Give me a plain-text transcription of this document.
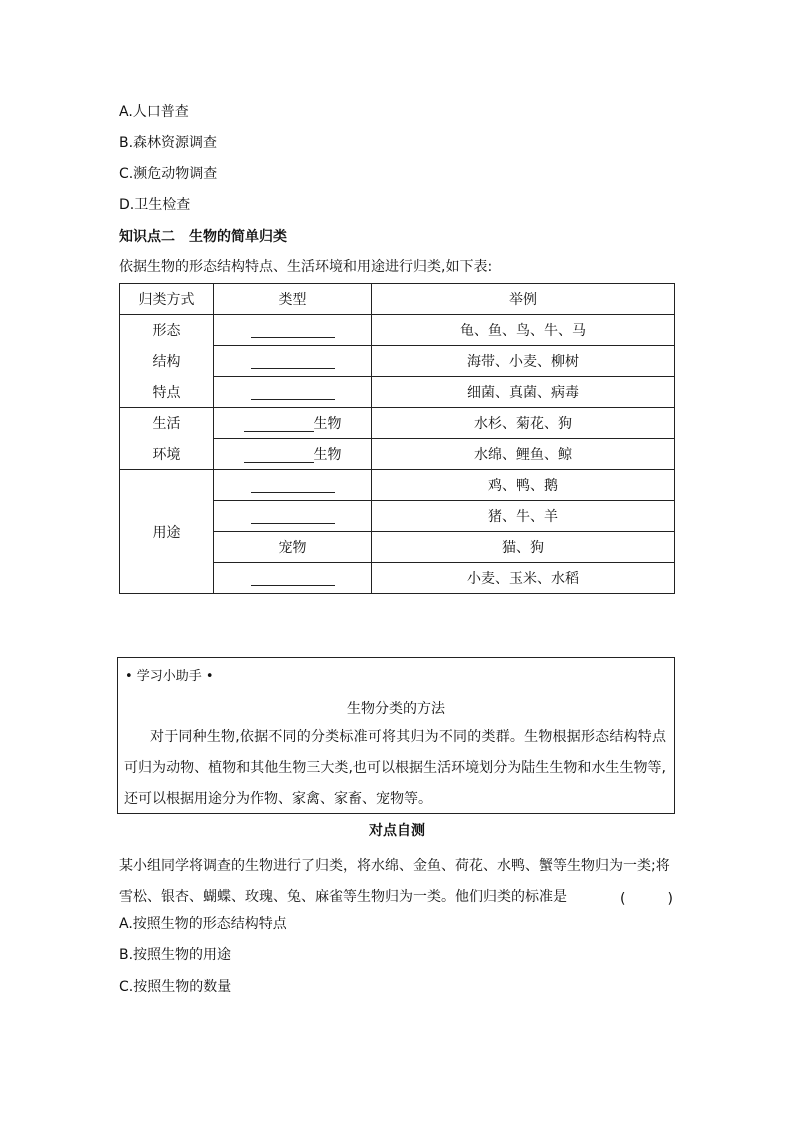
A.人口普查
B.森林资源调查
C.濒危动物调查
D.卫生检查
知识点二　生物的简单归类
依据生物的形态结构特点、生活环境和用途进行归类,如下表:
归类方式	类型	举例
形态		龟、鱼、鸟、牛、马
结构		海带、小麦、柳树
特点		细菌、真菌、病毒
生活	生物	水杉、菊花、狗
环境	生物	水绵、鲤鱼、鲸
用途		鸡、鸭、鹅
		猪、牛、羊
	宠物	猫、狗
		小麦、玉米、水稻
• 学习小助手 •
生物分类的方法
对于同种生物,依据不同的分类标准可将其归为不同的类群。生物根据形态结构特点可归为动物、植物和其他生物三大类,也可以根据生活环境划分为陆生生物和水生生物等,还可以根据用途分为作物、家禽、家畜、宠物等。
对点自测
某小组同学将调查的生物进行了归类，将水绵、金鱼、荷花、水鸭、蟹等生物归为一类;将
雪松、银杏、蝴蝶、玫瑰、兔、麻雀等生物归为一类。他们归类的标准是	(　　　)
A.按照生物的形态结构特点
B.按照生物的用途
C.按照生物的数量
